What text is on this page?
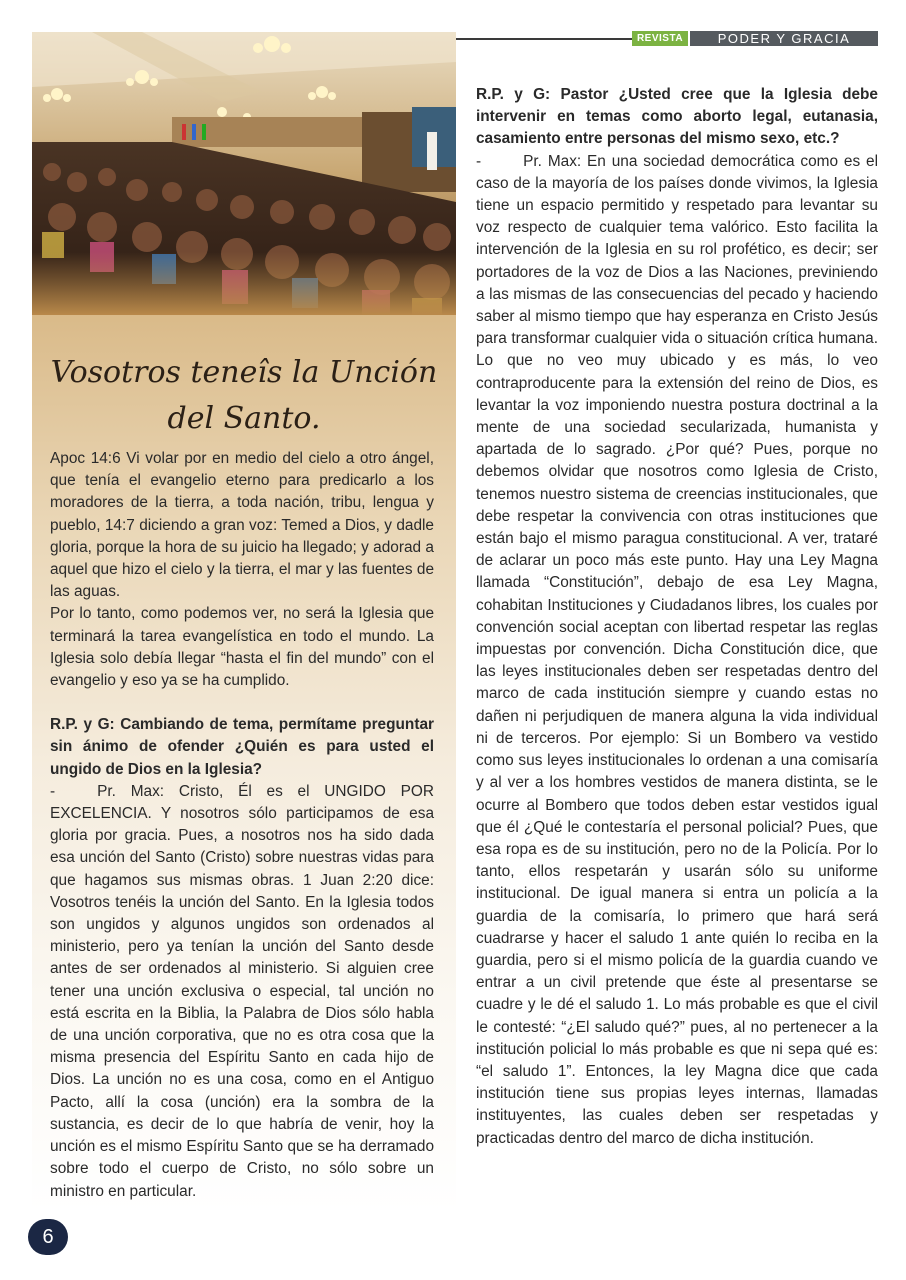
REVISTA	PODER Y GRACIA
Vosotros teneîs la Unción
del Santo.

Apoc 14:6 Vi volar por en medio del cielo a otro ángel, que tenía el evangelio eterno para predicarlo a los moradores de la tierra, a toda nación, tribu, lengua y pueblo, 14:7 diciendo a gran voz: Temed a Dios, y dadle gloria, porque la hora de su juicio ha llegado; y adorad a aquel que hizo el cielo y la tierra, el mar y las fuentes de las aguas.

Por lo tanto, como podemos ver, no será la Iglesia que terminará la tarea evangelística en todo el mundo. La Iglesia solo debía llegar “hasta el fin del mundo” con el evangelio y eso ya se ha cumplido.

R.P. y G: Cambiando de tema, permítame preguntar sin ánimo de ofender ¿Quién es para usted el ungido de Dios en la Iglesia?

-	Pr. Max: Cristo, Él es el UNGIDO POR EXCELENCIA. Y nosotros sólo participamos de esa gloria por gracia. Pues, a nosotros nos ha sido dada esa unción del Santo (Cristo) sobre nuestras vidas para que hagamos sus mismas obras. 1 Juan 2:20 dice: Vosotros tenéis la unción del Santo. En la Iglesia todos son ungidos y algunos ungidos son ordenados al ministerio, pero ya tenían la unción del Santo desde antes de ser ordenados al ministerio. Si alguien cree tener una unción exclusiva o especial, tal unción no está escrita en la Biblia, la Palabra de Dios sólo habla de una unción corporativa, que no es otra cosa que la misma presencia del Espíritu Santo en cada hijo de Dios. La unción no es una cosa, como en el Antiguo Pacto, allí la cosa (unción) era la sombra de la sustancia, es decir de lo que habría de venir, hoy la unción es el mismo Espíritu Santo que se ha derramado sobre todo el cuerpo de Cristo, no sólo sobre un ministro en particular.

R.P. y G: Pastor ¿Usted cree que la Iglesia debe intervenir en temas como aborto legal, eutanasia, casamiento entre personas del mismo sexo, etc.?

-	Pr. Max: En una sociedad democrática como es el caso de la mayoría de los países donde vivimos, la Iglesia tiene un espacio permitido y respetado para levantar su voz respecto de cualquier tema valórico. Esto facilita la intervención de la Iglesia en su rol profético, es decir; ser portadores de la voz de Dios a las Naciones, previniendo a las mismas de las consecuencias del pecado y haciendo saber al mismo tiempo que hay esperanza en Cristo Jesús para transformar cualquier vida o situación crítica humana. Lo que no veo muy ubicado y es más, lo veo contraproducente para la extensión del reino de Dios, es levantar la voz imponiendo nuestra postura doctrinal a la mente de una sociedad secularizada, humanista y apartada de lo sagrado. ¿Por qué? Pues, porque no debemos olvidar que nosotros como Iglesia de Cristo, tenemos nuestro sistema de creencias institucionales, que debe respetar la convivencia con otras instituciones que están bajo el mismo paragua constitucional. A ver, trataré de aclarar un poco más este punto. Hay una Ley Magna llamada “Constitución”, debajo de esa Ley Magna, cohabitan Instituciones y Ciudadanos libres, los cuales por convención social aceptan con libertad respetar las reglas impuestas por convención. Dicha Constitución dice, que las leyes institucionales deben ser respetadas dentro del marco de cada institución siempre y cuando estas no dañen ni perjudiquen de manera alguna la vida individual ni de terceros. Por ejemplo: Si un Bombero va vestido como sus leyes institucionales lo ordenan a una comisaría y al ver a los hombres vestidos de manera distinta, se le ocurre al Bombero que todos deben estar vestidos igual que él ¿Qué le contestaría el personal policial? Pues, que esa ropa es de su institución, pero no de la Policía. Por lo tanto, ellos respetarán y usarán sólo su uniforme institucional. De igual manera si entra un policía a la guardia de la comisaría, lo primero que hará será cuadrarse y hacer el saludo 1 ante quién lo reciba en la guardia, pero si el mismo policía de la guardia cuando ve entrar a un civil pretende que éste al presentarse se cuadre y le dé el saludo 1. Lo más probable es que el civil le contesté: “¿El saludo qué?” pues, al no pertenecer a la institución policial lo más probable es que ni sepa qué es: “el saludo 1”. Entonces, la ley Magna dice que cada institución tiene sus propias leyes internas, llamadas instituyentes, las cuales deben ser respetadas y practicadas dentro del marco de dicha institución.

6
